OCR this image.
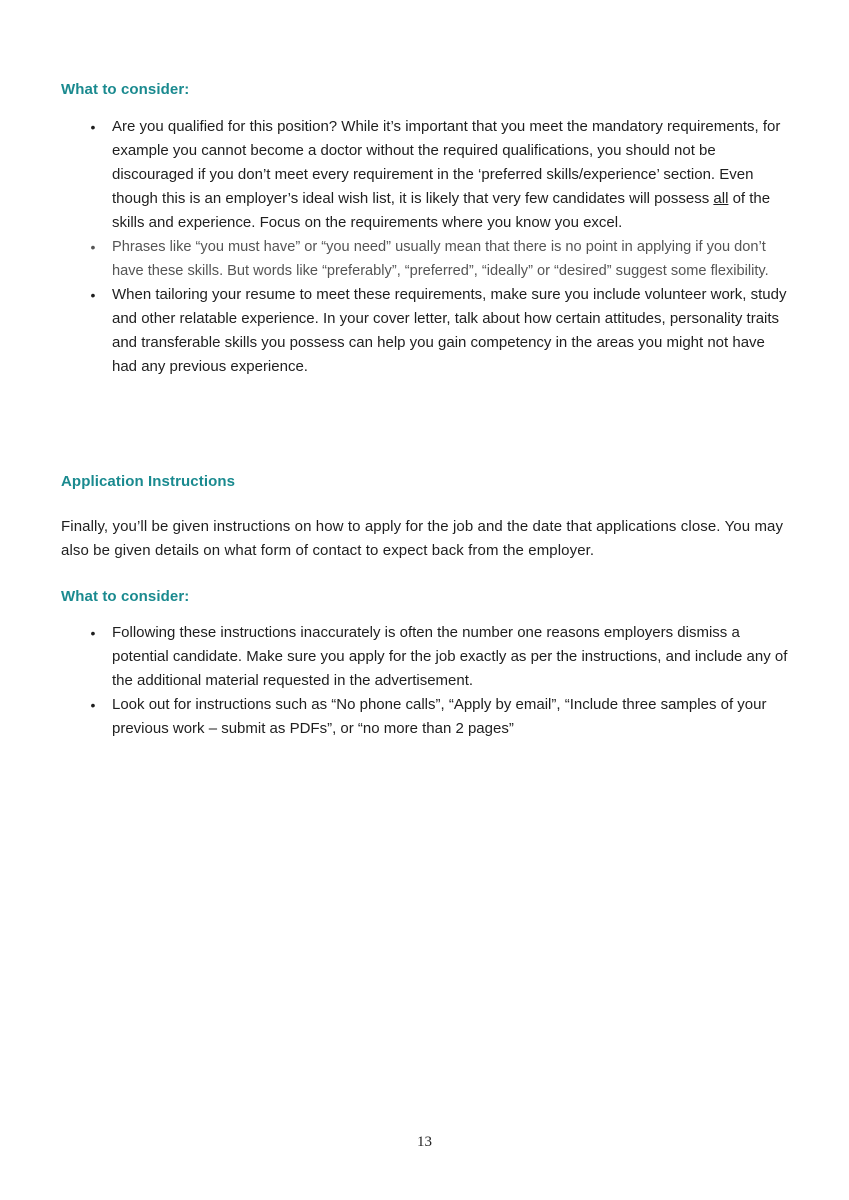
What to consider:
• Are you qualified for this position? While it’s important that you meet the mandatory requirements, for example you cannot become a doctor without the required qualifications, you should not be discouraged if you don’t meet every requirement in the ‘preferred skills/experience’ section. Even though this is an employer’s ideal wish list, it is likely that very few candidates will possess all of the skills and experience. Focus on the requirements where you know you excel.
• Phrases like “you must have” or “you need” usually mean that there is no point in applying if you don’t have these skills. But words like “preferably”, “preferred”, “ideally” or “desired” suggest some flexibility.
• When tailoring your resume to meet these requirements, make sure you include volunteer work, study and other relatable experience. In your cover letter, talk about how certain attitudes, personality traits and transferable skills you possess can help you gain competency in the areas you might not have had any previous experience.
Application Instructions

Finally, you’ll be given instructions on how to apply for the job and the date that applications close. You may also be given details on what form of contact to expect back from the employer.

What to consider:
• Following these instructions inaccurately is often the number one reasons employers dismiss a potential candidate. Make sure you apply for the job exactly as per the instructions, and include any of the additional material requested in the advertisement.
• Look out for instructions such as “No phone calls”, “Apply by email”, “Include three samples of your previous work – submit as PDFs”, or “no more than 2 pages”
13
